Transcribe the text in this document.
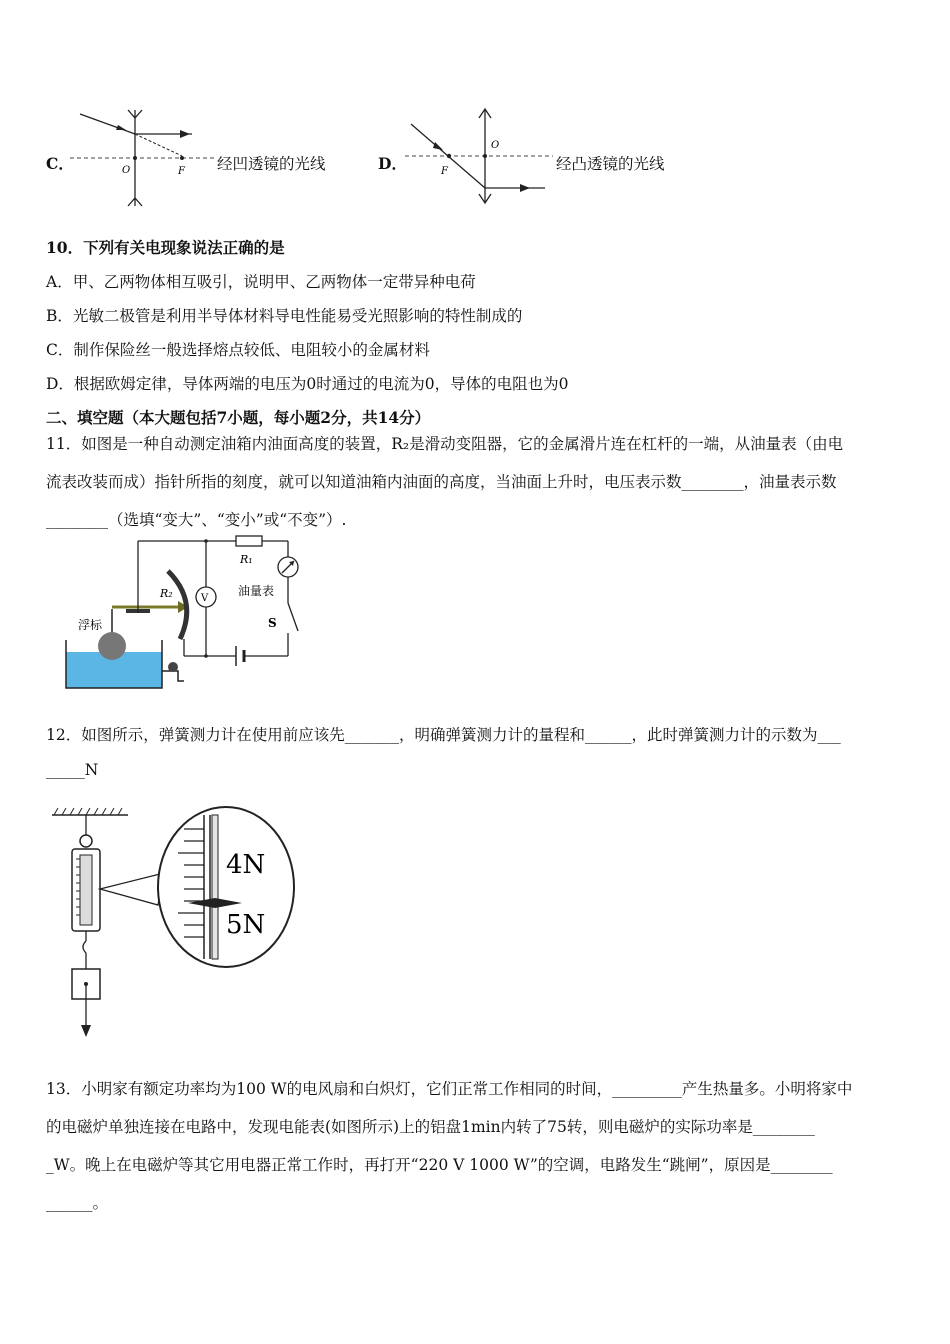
C．	O	F 经凹透镜的光线	D．
O
F	经凸透镜的光线
10．下列有关电现象说法正确的是
A．甲、乙两物体相互吸引，说明甲、乙两物体一定带异种电荷
B．光敏二极管是利用半导体材料导电性能易受光照影响的特性制成的
C．制作保险丝一般选择熔点较低、电阻较小的金属材料
D．根据欧姆定律，导体两端的电压为0时通过的电流为0，导体的电阻也为0
二、填空题（本大题包括7小题，每小题2分，共14分）
11．如图是一种自动测定油箱内油面高度的装置，R₂是滑动变阻器，它的金属滑片连在杠杆的一端，从油量表（由电
流表改装而成）指针所指的刻度，就可以知道油箱内油面的高度，当油面上升时，电压表示数________，油量表示数
________（选填“变大”、“变小”或“不变”）.
R₂
R₁
油量表
S
V
浮标
12．如图所示，弹簧测力计在使用前应该先_______，明确弹簧测力计的量程和______，此时弹簧测力计的示数为___
_____N
4N
5N
13．小明家有额定功率均为100 W的电风扇和白炽灯，它们正常工作相同的时间，_________产生热量多。小明将家中
的电磁炉单独连接在电路中，发现电能表(如图所示)上的铝盘1min内转了75转，则电磁炉的实际功率是________
_W。晚上在电磁炉等其它用电器正常工作时，再打开“220 V 1000 W”的空调，电路发生“跳闸”，原因是________
______。
